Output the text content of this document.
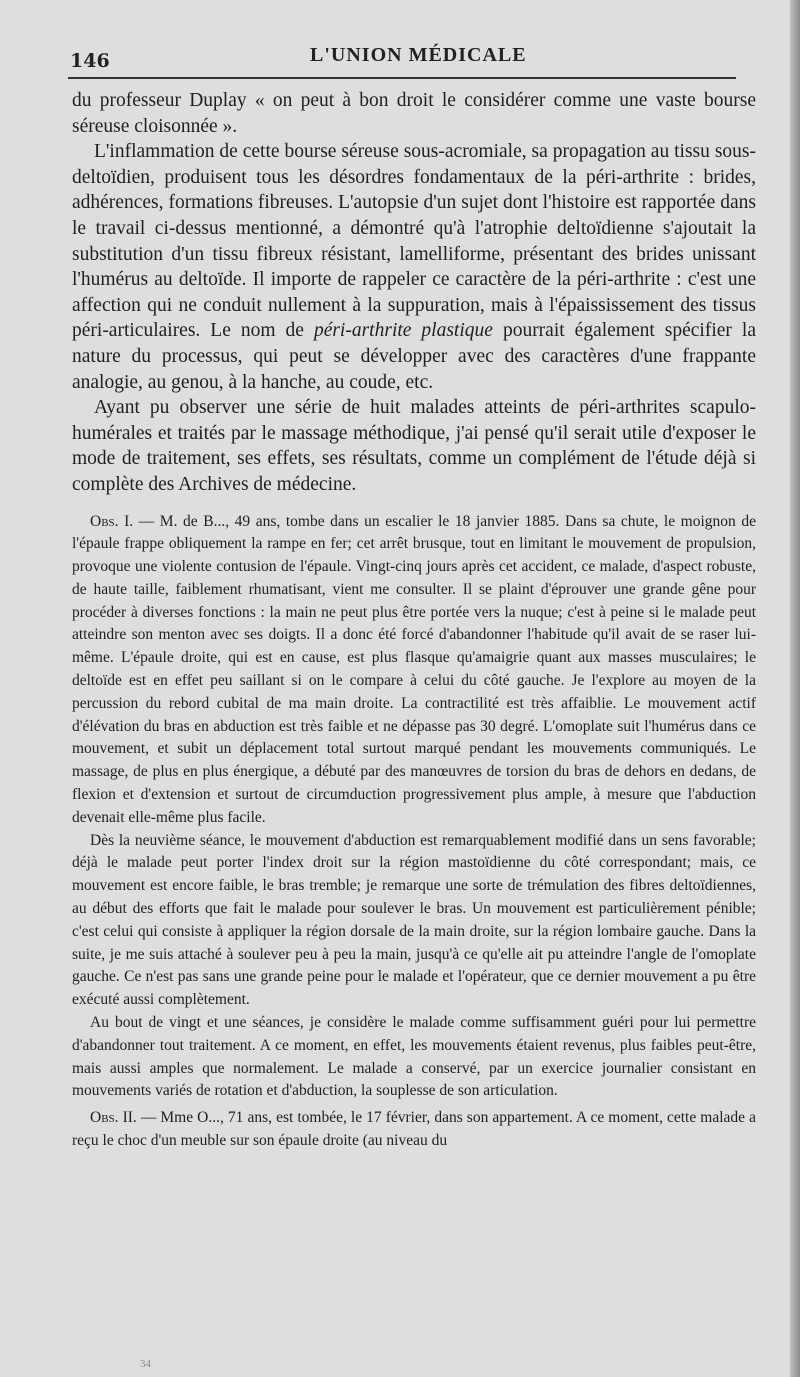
146	L'UNION MÉDICALE

du professeur Duplay « on peut à bon droit le considérer comme une vaste bourse séreuse cloisonnée ».

L'inflammation de cette bourse séreuse sous-acromiale, sa propagation au tissu sous-deltoïdien, produisent tous les désordres fondamentaux de la péri-arthrite : brides, adhérences, formations fibreuses. L'autopsie d'un sujet dont l'histoire est rapportée dans le travail ci-dessus mentionné, a démontré qu'à l'atrophie deltoïdienne s'ajoutait la substitution d'un tissu fibreux résistant, lamelliforme, présentant des brides unissant l'humérus au deltoïde. Il importe de rappeler ce caractère de la péri-arthrite : c'est une affection qui ne conduit nullement à la suppuration, mais à l'épaississement des tissus péri-articulaires. Le nom de péri-arthrite plastique pourrait également spécifier la nature du processus, qui peut se développer avec des caractères d'une frappante analogie, au genou, à la hanche, au coude, etc.

Ayant pu observer une série de huit malades atteints de péri-arthrites scapulo-humérales et traités par le massage méthodique, j'ai pensé qu'il serait utile d'exposer le mode de traitement, ses effets, ses résultats, comme un complément de l'étude déjà si complète des Archives de médecine.

Obs. I. — M. de B..., 49 ans, tombe dans un escalier le 18 janvier 1885. Dans sa chute, le moignon de l'épaule frappe obliquement la rampe en fer; cet arrêt brusque, tout en limitant le mouvement de propulsion, provoque une violente contusion de l'épaule. Vingt-cinq jours après cet accident, ce malade, d'aspect robuste, de haute taille, faiblement rhumatisant, vient me consulter. Il se plaint d'éprouver une grande gêne pour procéder à diverses fonctions : la main ne peut plus être portée vers la nuque; c'est à peine si le malade peut atteindre son menton avec ses doigts. Il a donc été forcé d'abandonner l'habitude qu'il avait de se raser lui-même. L'épaule droite, qui est en cause, est plus flasque qu'amaigrie quant aux masses musculaires; le deltoïde est en effet peu saillant si on le compare à celui du côté gauche. Je l'explore au moyen de la percussion du rebord cubital de ma main droite. La contractilité est très affaiblie. Le mouvement actif d'élévation du bras en abduction est très faible et ne dépasse pas 30 degré. L'omoplate suit l'humérus dans ce mouvement, et subit un déplacement total surtout marqué pendant les mouvements communiqués. Le massage, de plus en plus énergique, a débuté par des manœuvres de torsion du bras de dehors en dedans, de flexion et d'extension et surtout de circumduction progressivement plus ample, à mesure que l'abduction devenait elle-même plus facile.

Dès la neuvième séance, le mouvement d'abduction est remarquablement modifié dans un sens favorable; déjà le malade peut porter l'index droit sur la région mastoïdienne du côté correspondant; mais, ce mouvement est encore faible, le bras tremble; je remarque une sorte de trémulation des fibres deltoïdiennes, au début des efforts que fait le malade pour soulever le bras. Un mouvement est particulièrement pénible; c'est celui qui consiste à appliquer la région dorsale de la main droite, sur la région lombaire gauche. Dans la suite, je me suis attaché à soulever peu à peu la main, jusqu'à ce qu'elle ait pu atteindre l'angle de l'omoplate gauche. Ce n'est pas sans une grande peine pour le malade et l'opérateur, que ce dernier mouvement a pu être exécuté aussi complètement.

Au bout de vingt et une séances, je considère le malade comme suffisamment guéri pour lui permettre d'abandonner tout traitement. A ce moment, en effet, les mouvements étaient revenus, plus faibles peut-être, mais aussi amples que normalement. Le malade a conservé, par un exercice journalier consistant en mouvements variés de rotation et d'abduction, la souplesse de son articulation.

Obs. II. — Mme O..., 71 ans, est tombée, le 17 février, dans son appartement. A ce moment, cette malade a reçu le choc d'un meuble sur son épaule droite (au niveau du

34
